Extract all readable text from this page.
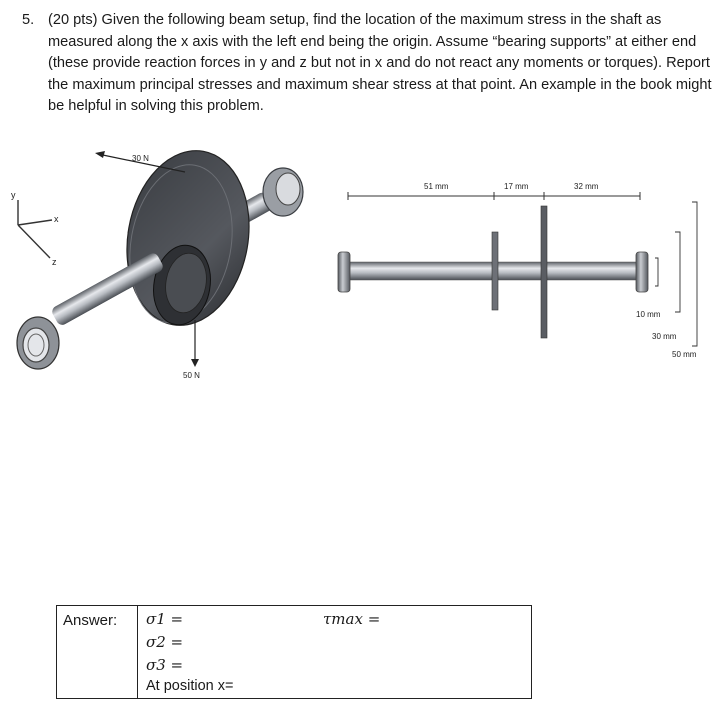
5. (20 pts) Given the following beam setup, find the location of the maximum stress in the shaft as measured along the x axis with the left end being the origin. Assume “bearing supports” at either end (these provide reaction forces in y and z but not in x and do not react any moments or torques). Report the maximum principal stresses and maximum shear stress at that point. An example in the book might be helpful in solving this problem.
y
x
z
30 N
50 N
51 mm	17 mm	32 mm
10 mm
30 mm
50 mm
Answer: σ1 =
σ2 =
σ3 =
τmax =
At position x=
